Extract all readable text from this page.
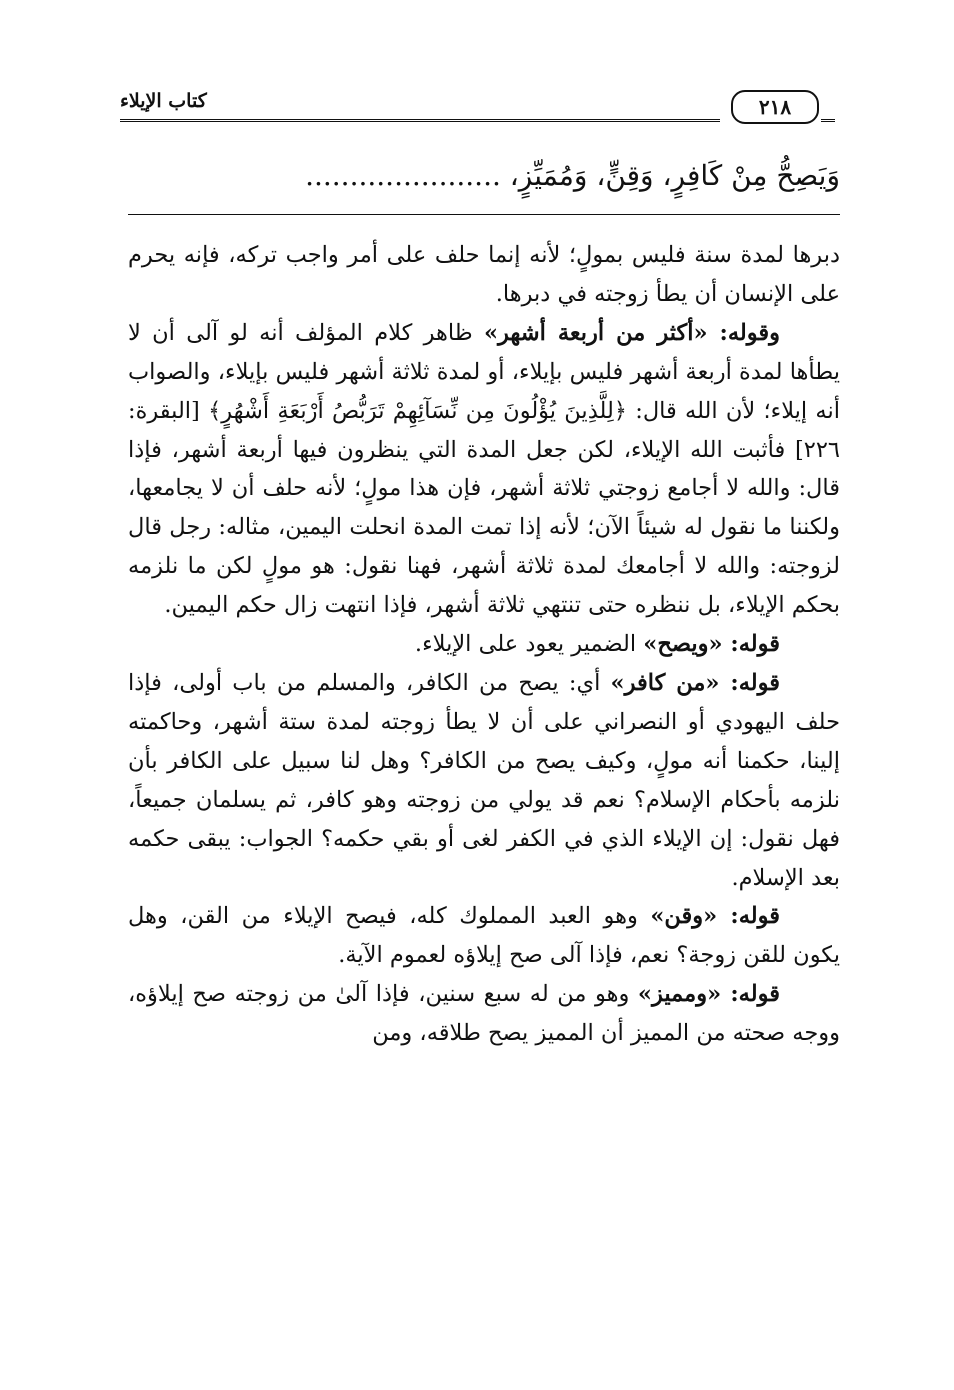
كتاب الإيلاء	٢١٨
وَيَصِحُّ مِنْ كَافِرٍ، وَقِنٍّ، وَمُمَيِّزٍ، ......................

دبرها لمدة سنة فليس بمولٍ؛ لأنه إنما حلف على أمر واجب تركه، فإنه يحرم على الإنسان أن يطأ زوجته في دبرها.

وقوله: «أكثر من أربعة أشهر» ظاهر كلام المؤلف أنه لو آلى أن لا يطأها لمدة أربعة أشهر فليس بإيلاء، أو لمدة ثلاثة أشهر فليس بإيلاء، والصواب أنه إيلاء؛ لأن الله قال: ﴿لِلَّذِينَ يُؤْلُونَ مِن نِّسَآئِهِمْ تَرَبُّصُ أَرْبَعَةِ أَشْهُرٍ﴾ [البقرة: ٢٢٦] فأثبت الله الإيلاء، لكن جعل المدة التي ينظرون فيها أربعة أشهر، فإذا قال: والله لا أجامع زوجتي ثلاثة أشهر، فإن هذا مولٍ؛ لأنه حلف أن لا يجامعها، ولكننا ما نقول له شيئاً الآن؛ لأنه إذا تمت المدة انحلت اليمين، مثاله: رجل قال لزوجته: والله لا أجامعك لمدة ثلاثة أشهر، فهنا نقول: هو مولٍ لكن ما نلزمه بحكم الإيلاء، بل ننظره حتى تنتهي ثلاثة أشهر، فإذا انتهت زال حكم اليمين.

قوله: «ويصح» الضمير يعود على الإيلاء.

قوله: «من كافر» أي: يصح من الكافر، والمسلم من باب أولى، فإذا حلف اليهودي أو النصراني على أن لا يطأ زوجته لمدة ستة أشهر، وحاكمته إلينا، حكمنا أنه مولٍ، وكيف يصح من الكافر؟ وهل لنا سبيل على الكافر بأن نلزمه بأحكام الإسلام؟ نعم قد يولي من زوجته وهو كافر، ثم يسلمان جميعاً، فهل نقول: إن الإيلاء الذي في الكفر لغى أو بقي حكمه؟ الجواب: يبقى حكمه بعد الإسلام.

قوله: «وقن» وهو العبد المملوك كله، فيصح الإيلاء من القن، وهل يكون للقن زوجة؟ نعم، فإذا آلى صح إيلاؤه لعموم الآية.

قوله: «ومميز» وهو من له سبع سنين، فإذا آلىٰ من زوجته صح إيلاؤه، ووجه صحته من المميز أن المميز يصح طلاقه، ومن
